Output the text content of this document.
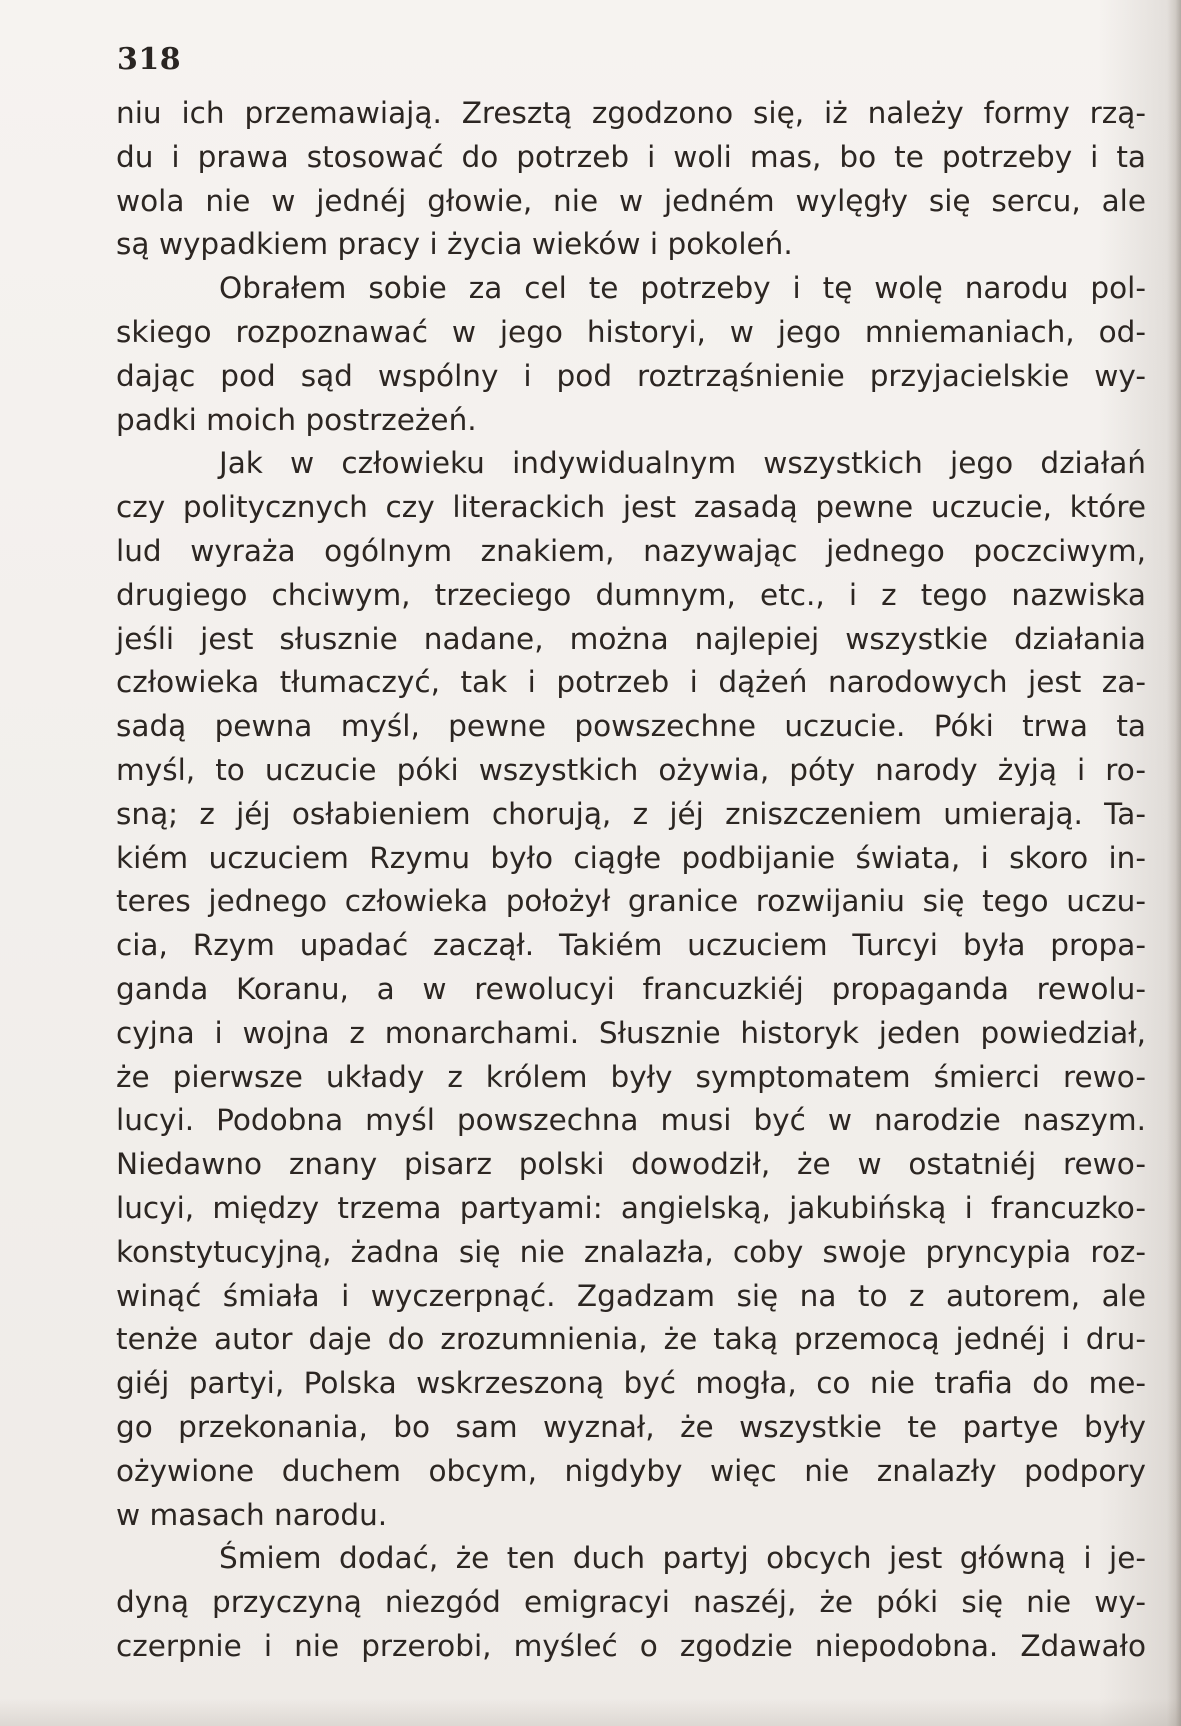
318
niu ich przemawiają. Zresztą zgodzono się, iż należy formy rzą-
du i prawa stosować do potrzeb i woli mas, bo te potrzeby i ta
wola nie w jednéj głowie, nie w jedném wylęgły się sercu, ale
są wypadkiem pracy i życia wieków i pokoleń.
Obrałem sobie za cel te potrzeby i tę wolę narodu pol-
skiego rozpoznawać w jego historyi, w jego mniemaniach, od-
dając pod sąd wspólny i pod roztrząśnienie przyjacielskie wy-
padki moich postrzeżeń.
Jak w człowieku indywidualnym wszystkich jego działań
czy politycznych czy literackich jest zasadą pewne uczucie, które
lud wyraża ogólnym znakiem, nazywając jednego poczciwym,
drugiego chciwym, trzeciego dumnym, etc., i z tego nazwiska
jeśli jest słusznie nadane, można najlepiej wszystkie działania
człowieka tłumaczyć, tak i potrzeb i dążeń narodowych jest za-
sadą pewna myśl, pewne powszechne uczucie. Póki trwa ta
myśl, to uczucie póki wszystkich ożywia, póty narody żyją i ro-
sną; z jéj osłabieniem chorują, z jéj zniszczeniem umierają. Ta-
kiém uczuciem Rzymu było ciągłe podbijanie świata, i skoro in-
teres jednego człowieka położył granice rozwijaniu się tego uczu-
cia, Rzym upadać zaczął. Takiém uczuciem Turcyi była propa-
ganda Koranu, a w rewolucyi francuzkiéj propaganda rewolu-
cyjna i wojna z monarchami. Słusznie historyk jeden powiedział,
że pierwsze układy z królem były symptomatem śmierci rewo-
lucyi. Podobna myśl powszechna musi być w narodzie naszym.
Niedawno znany pisarz polski dowodził, że w ostatniéj rewo-
lucyi, między trzema partyami: angielską, jakubińską i francuzko-
konstytucyjną, żadna się nie znalazła, coby swoje pryncypia roz-
winąć śmiała i wyczerpnąć. Zgadzam się na to z autorem, ale
tenże autor daje do zrozumnienia, że taką przemocą jednéj i dru-
giéj partyi, Polska wskrzeszoną być mogła, co nie trafia do me-
go przekonania, bo sam wyznał, że wszystkie te partye były
ożywione duchem obcym, nigdyby więc nie znalazły podpory
w masach narodu.
Śmiem dodać, że ten duch partyj obcych jest główną i je-
dyną przyczyną niezgód emigracyi naszéj, że póki się nie wy-
czerpnie i nie przerobi, myśleć o zgodzie niepodobna. Zdawało
